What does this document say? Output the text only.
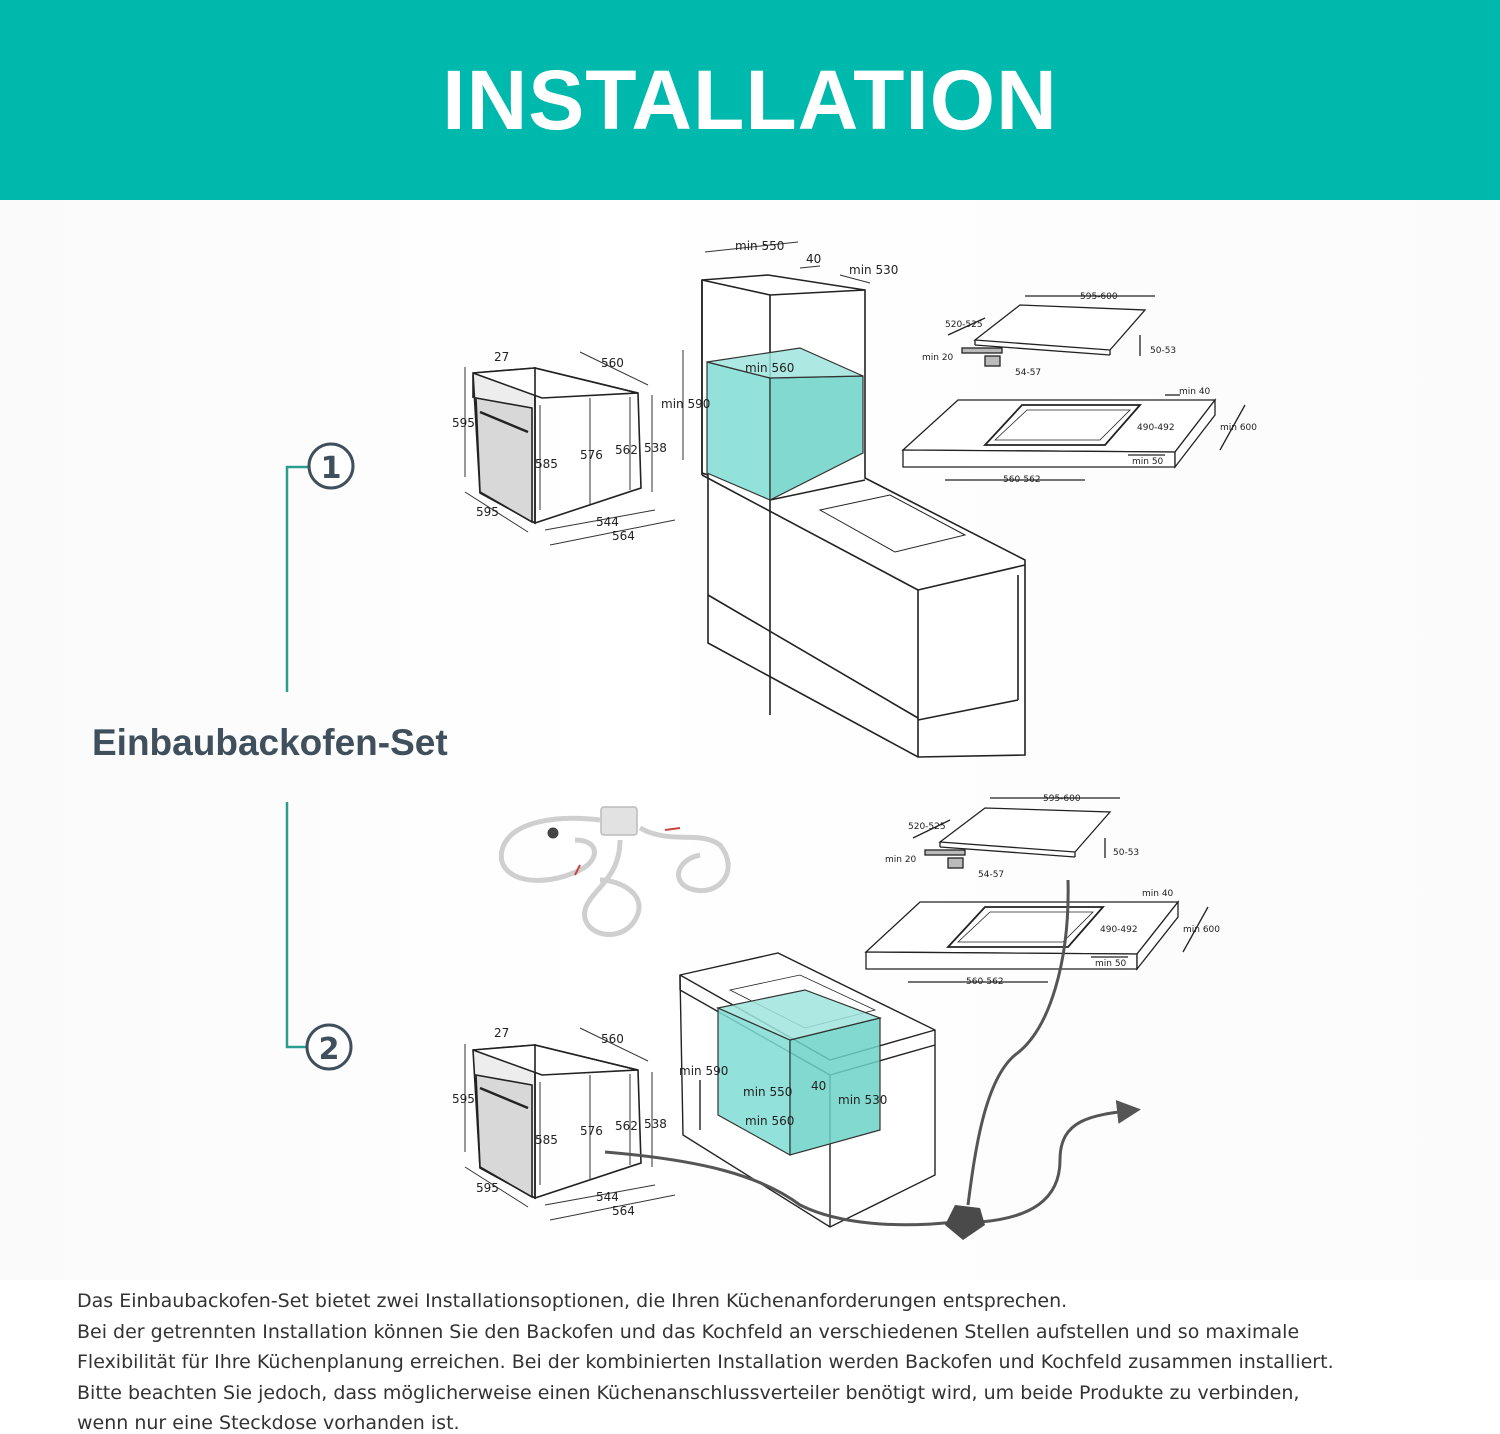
INSTALLATION
1
2
27	560
595
585
576 562 538
595
544
564
min 550
40
min 530
min 560
min 590
595-600
520-525
min 20
50-53
54-57
min 40
490-492	min 600
min 50
560-562
595-600
520-525
min 20
50-53
54-57
min 40
490-492	min 600
min 50
560-562
27	560
595
585
576 562 538
595
544
564
min 590
min 550 40
min 530
min 560
Einbaubackofen-Set

Das Einbaubackofen-Set bietet zwei Installationsoptionen, die Ihren Küchenanforderungen entsprechen.

Bei der getrennten Installation können Sie den Backofen und das Kochfeld an verschiedenen Stellen aufstellen und so maximale

Flexibilität für Ihre Küchenplanung erreichen. Bei der kombinierten Installation werden Backofen und Kochfeld zusammen installiert.

Bitte beachten Sie jedoch, dass möglicherweise einen Küchenanschlussverteiler benötigt wird, um beide Produkte zu verbinden,

wenn nur eine Steckdose vorhanden ist.
